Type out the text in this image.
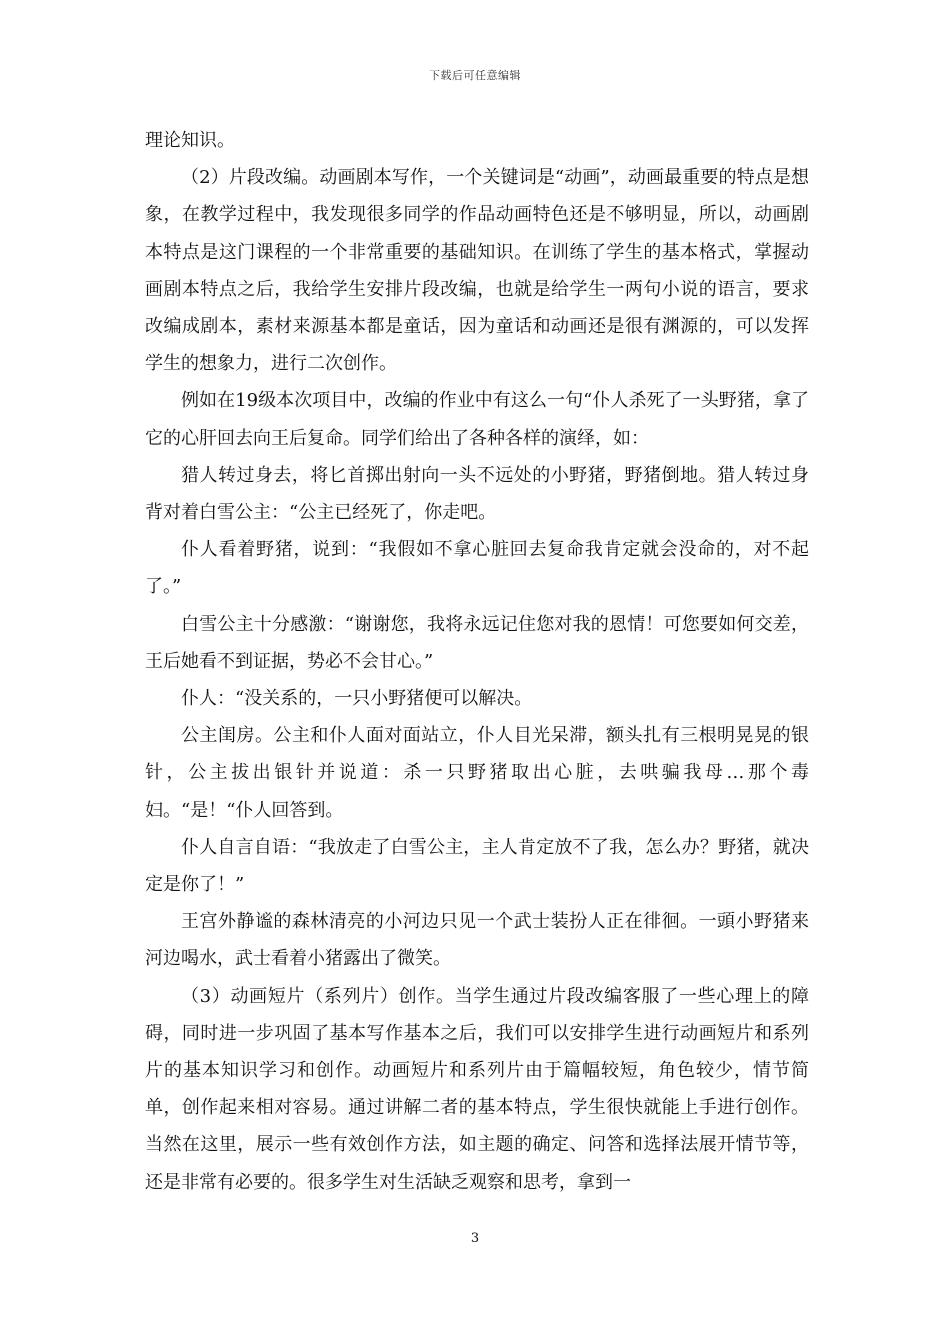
下载后可任意编辑

理论知识。

（2）片段改编。动画剧本写作，一个关键词是“动画”，动画最重要的特点是想象，在教学过程中，我发现很多同学的作品动画特色还是不够明显，所以，动画剧本特点是这门课程的一个非常重要的基础知识。在训练了学生的基本格式，掌握动画剧本特点之后，我给学生安排片段改编，也就是给学生一两句小说的语言，要求改编成剧本，素材来源基本都是童话，因为童话和动画还是很有渊源的，可以发挥学生的想象力，进行二次创作。

例如在19级本次项目中，改编的作业中有这么一句“仆人杀死了一头野猪，拿了它的心肝回去向王后复命。同学们给出了各种各样的演绎，如：

猎人转过身去，将匕首掷出射向一头不远处的小野猪，野猪倒地。猎人转过身背对着白雪公主：“公主已经死了，你走吧。

仆人看着野猪，说到：“我假如不拿心脏回去复命我肯定就会没命的，对不起了。”

白雪公主十分感激：“谢谢您，我将永远记住您对我的恩情！可您要如何交差，王后她看不到证据，势必不会甘心。”

仆人：“没关系的，一只小野猪便可以解决。

公主闺房。公主和仆人面对面站立，仆人目光呆滞，额头扎有三根明晃晃的银针，公主拔出银针并说道：杀一只野猪取出心脏，去哄骗我母…那个毒妇。“是！“仆人回答到。

仆人自言自语：“我放走了白雪公主，主人肯定放不了我，怎么办？野猪，就决定是你了！”

王宫外静谧的森林清亮的小河边只见一个武士装扮人正在徘徊。一頭小野猪来河边喝水，武士看着小猪露出了微笑。

（3）动画短片（系列片）创作。当学生通过片段改编客服了一些心理上的障碍，同时进一步巩固了基本写作基本之后，我们可以安排学生进行动画短片和系列片的基本知识学习和创作。动画短片和系列片由于篇幅较短，角色较少，情节简单，创作起来相对容易。通过讲解二者的基本特点，学生很快就能上手进行创作。当然在这里，展示一些有效创作方法，如主题的确定、问答和选择法展开情节等，还是非常有必要的。很多学生对生活缺乏观察和思考，拿到一

3
